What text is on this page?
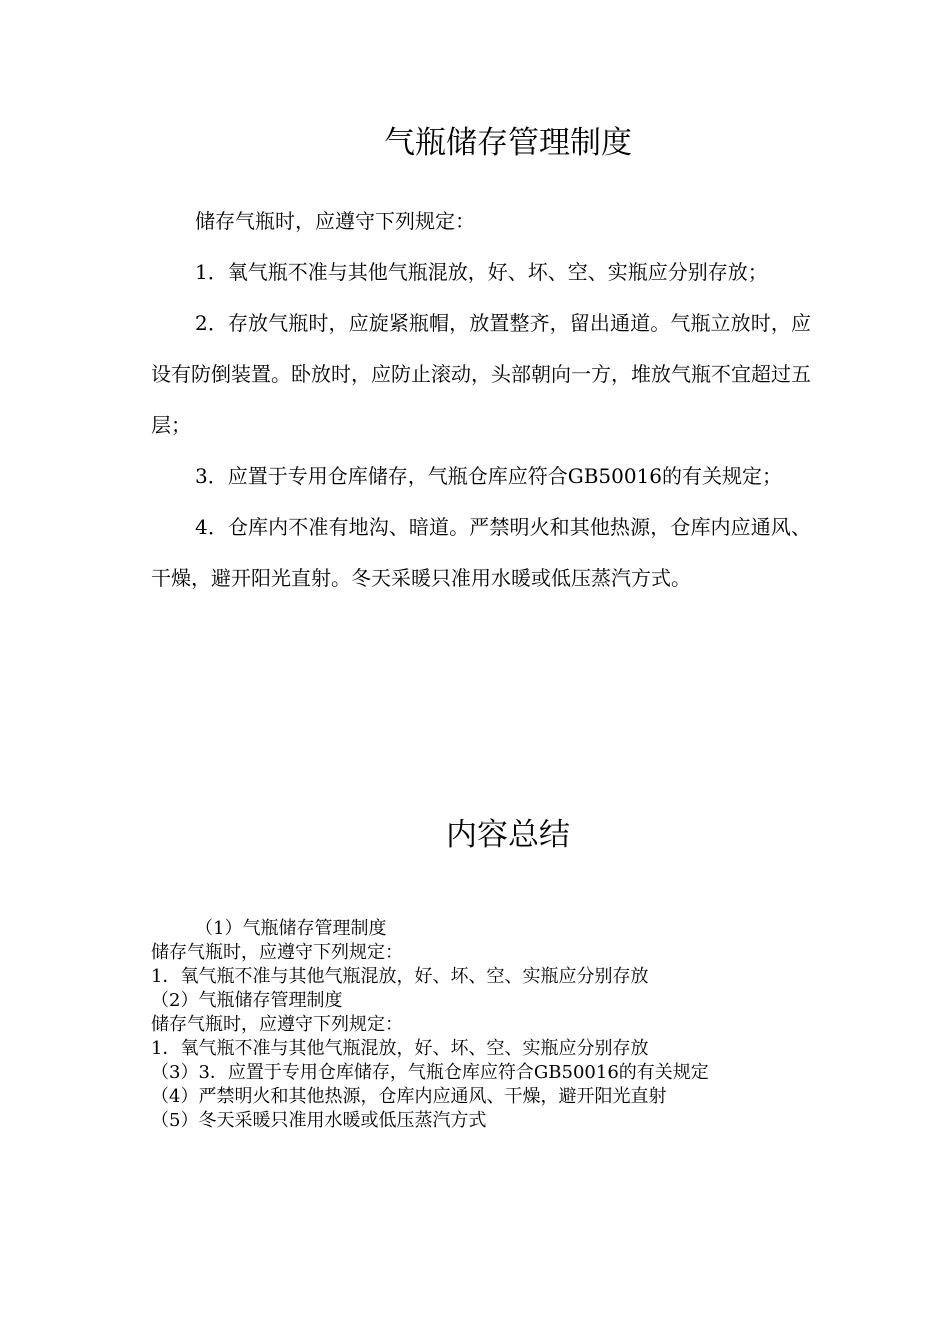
气瓶储存管理制度

储存气瓶时，应遵守下列规定：

1．氧气瓶不准与其他气瓶混放，好、坏、空、实瓶应分别存放；

2．存放气瓶时，应旋紧瓶帽，放置整齐，留出通道。气瓶立放时，应设有防倒装置。卧放时，应防止滚动，头部朝向一方，堆放气瓶不宜超过五层；

3．应置于专用仓库储存，气瓶仓库应符合GB50016的有关规定；

4．仓库内不准有地沟、暗道。严禁明火和其他热源，仓库内应通风、干燥，避开阳光直射。冬天采暖只准用水暖或低压蒸汽方式。

内容总结
（1）气瓶储存管理制度
储存气瓶时，应遵守下列规定：
1．氧气瓶不准与其他气瓶混放，好、坏、空、实瓶应分别存放
（2）气瓶储存管理制度
储存气瓶时，应遵守下列规定：
1．氧气瓶不准与其他气瓶混放，好、坏、空、实瓶应分别存放
（3）3．应置于专用仓库储存，气瓶仓库应符合GB50016的有关规定
（4）严禁明火和其他热源，仓库内应通风、干燥，避开阳光直射
（5）冬天采暖只准用水暖或低压蒸汽方式
